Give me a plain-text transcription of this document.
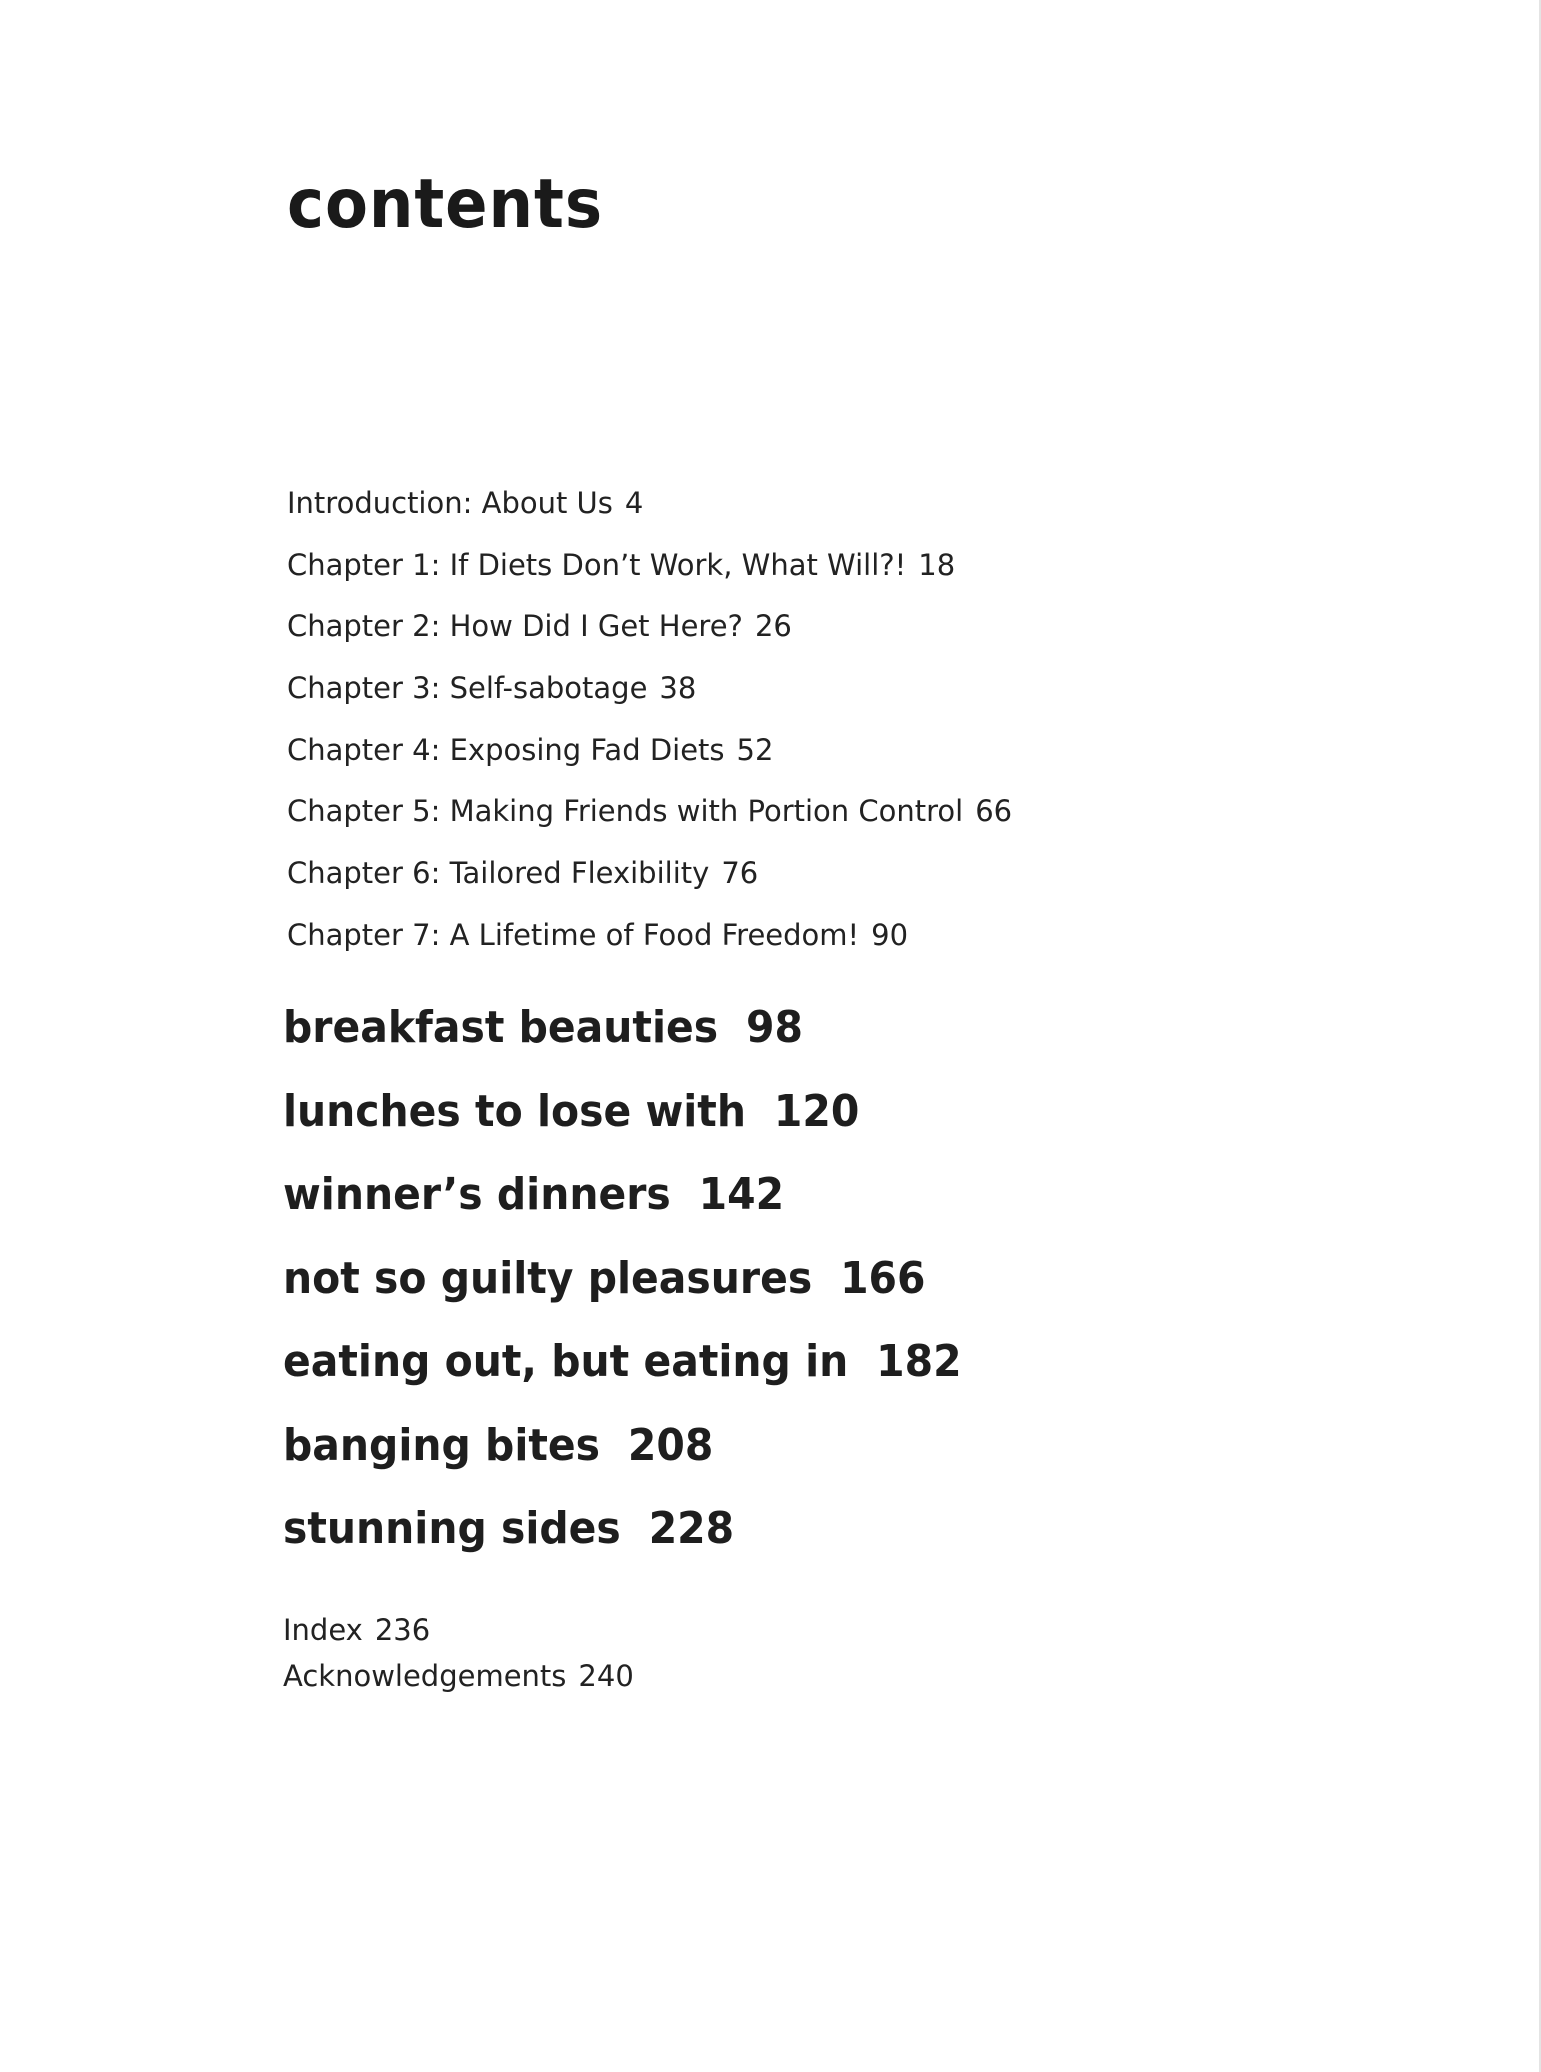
contents
Introduction: About Us 4
Chapter 1: If Diets Don’t Work, What Will?! 18
Chapter 2: How Did I Get Here? 26
Chapter 3: Self-sabotage 38
Chapter 4: Exposing Fad Diets 52
Chapter 5: Making Friends with Portion Control 66
Chapter 6: Tailored Flexibility 76
Chapter 7: A Lifetime of Food Freedom! 90
breakfast beauties 98
lunches to lose with 120
winner’s dinners 142
not so guilty pleasures 166
eating out, but eating in 182
banging bites 208
stunning sides 228
Index 236
Acknowledgements 240
